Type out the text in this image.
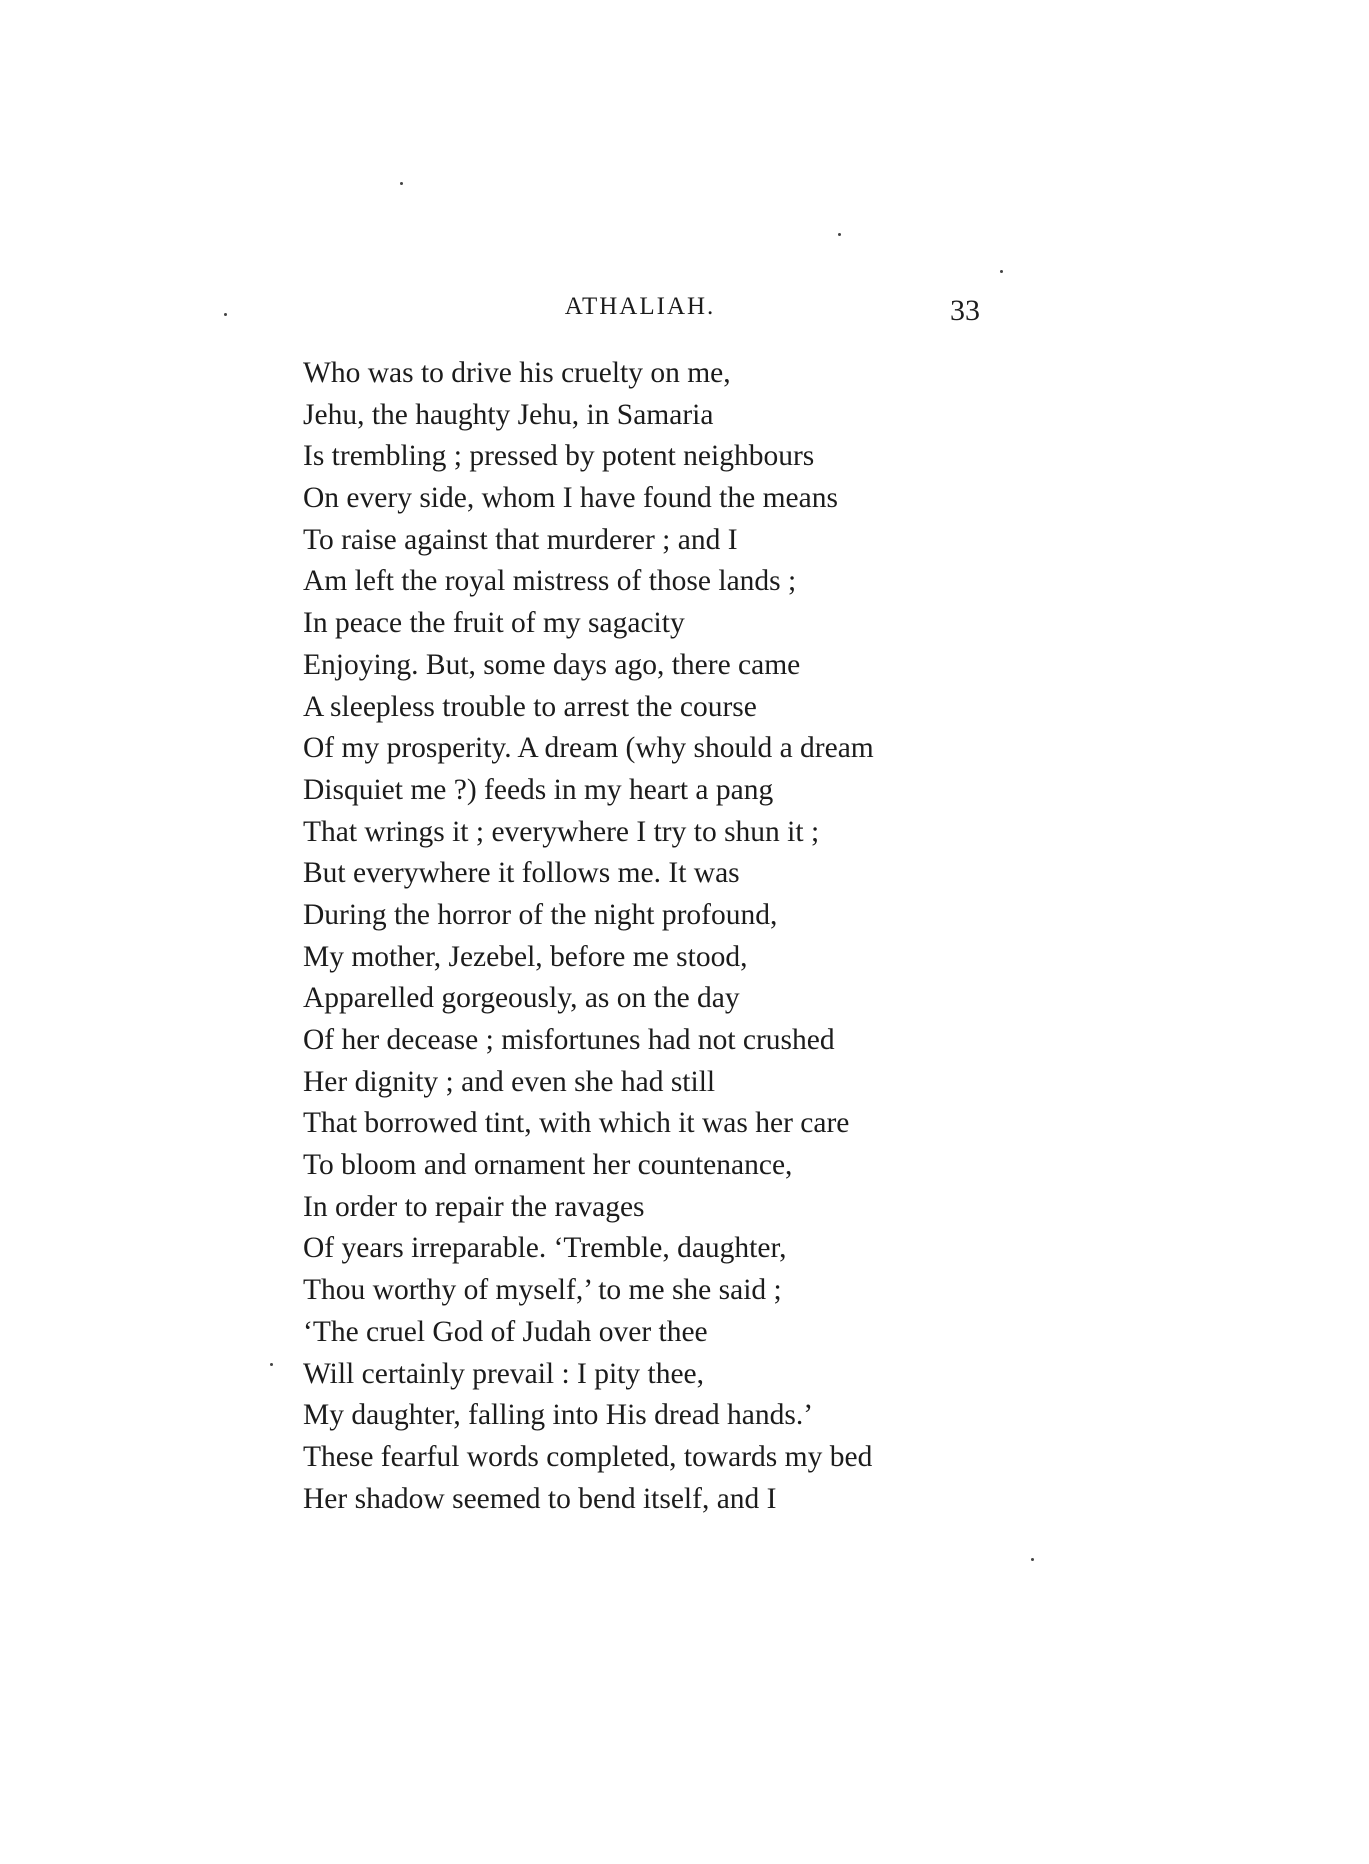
ATHALIAH.	33
Who was to drive his cruelty on me,
Jehu, the haughty Jehu, in Samaria
Is trembling ; pressed by potent neighbours
On every side, whom I have found the means
To raise against that murderer ; and I
Am left the royal mistress of those lands ;
In peace the fruit of my sagacity
Enjoying. But, some days ago, there came
A sleepless trouble to arrest the course
Of my prosperity. A dream (why should a dream
Disquiet me ?) feeds in my heart a pang
That wrings it ; everywhere I try to shun it ;
But everywhere it follows me. It was
During the horror of the night profound,
My mother, Jezebel, before me stood,
Apparelled gorgeously, as on the day
Of her decease ; misfortunes had not crushed
Her dignity ; and even she had still
That borrowed tint, with which it was her care
To bloom and ornament her countenance,
In order to repair the ravages
Of years irreparable. ‘Tremble, daughter,
Thou worthy of myself,’ to me she said ;
‘The cruel God of Judah over thee
Will certainly prevail : I pity thee,
My daughter, falling into His dread hands.’
These fearful words completed, towards my bed
Her shadow seemed to bend itself, and I
